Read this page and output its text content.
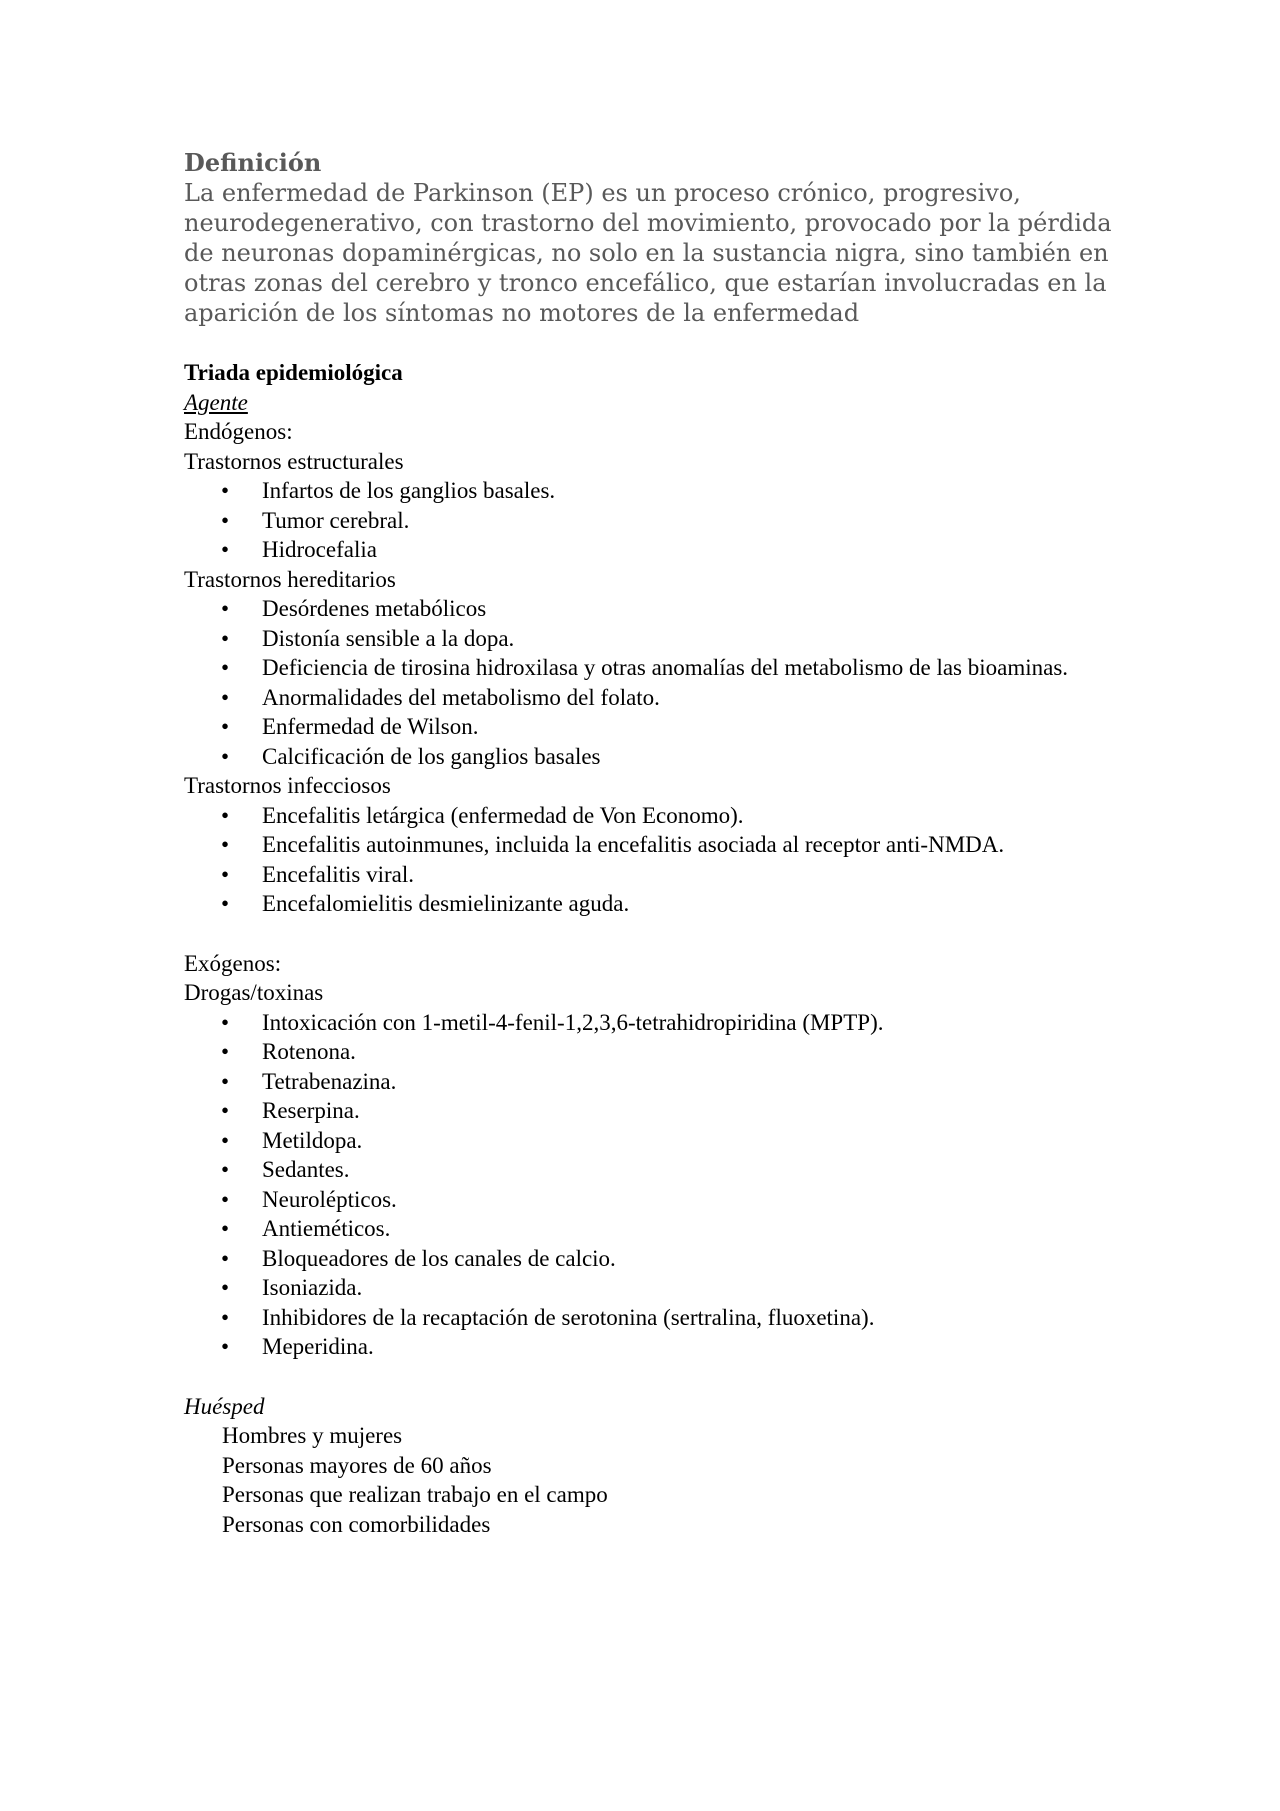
Definición

La enfermedad de Parkinson (EP) es un proceso crónico, progresivo, neurodegenerativo, con trastorno del movimiento, provocado por la pérdida de neuronas dopaminérgicas, no solo en la sustancia nigra, sino también en otras zonas del cerebro y tronco encefálico, que estarían involucradas en la aparición de los síntomas no motores de la enfermedad

Triada epidemiológica

Agente

Endógenos:

Trastornos estructurales

• Infartos de los ganglios basales.
• Tumor cerebral.
• Hidrocefalia

Trastornos hereditarios

• Desórdenes metabólicos
• Distonía sensible a la dopa.
• Deficiencia de tirosina hidroxilasa y otras anomalías del metabolismo de las bioaminas.
• Anormalidades del metabolismo del folato.
• Enfermedad de Wilson.
• Calcificación de los ganglios basales

Trastornos infecciosos

• Encefalitis letárgica (enfermedad de Von Economo).
• Encefalitis autoinmunes, incluida la encefalitis asociada al receptor anti-NMDA.
• Encefalitis viral.
• Encefalomielitis desmielinizante aguda.

Exógenos:

Drogas/toxinas

• Intoxicación con 1-metil-4-fenil-1,2,3,6-tetrahidropiridina (MPTP).
• Rotenona.
• Tetrabenazina.
• Reserpina.
• Metildopa.
• Sedantes.
• Neurolépticos.
• Antieméticos.
• Bloqueadores de los canales de calcio.
• Isoniazida.
• Inhibidores de la recaptación de serotonina (sertralina, fluoxetina).
• Meperidina.

Huésped

Hombres y mujeres

Personas mayores de 60 años

Personas que realizan trabajo en el campo

Personas con comorbilidades
